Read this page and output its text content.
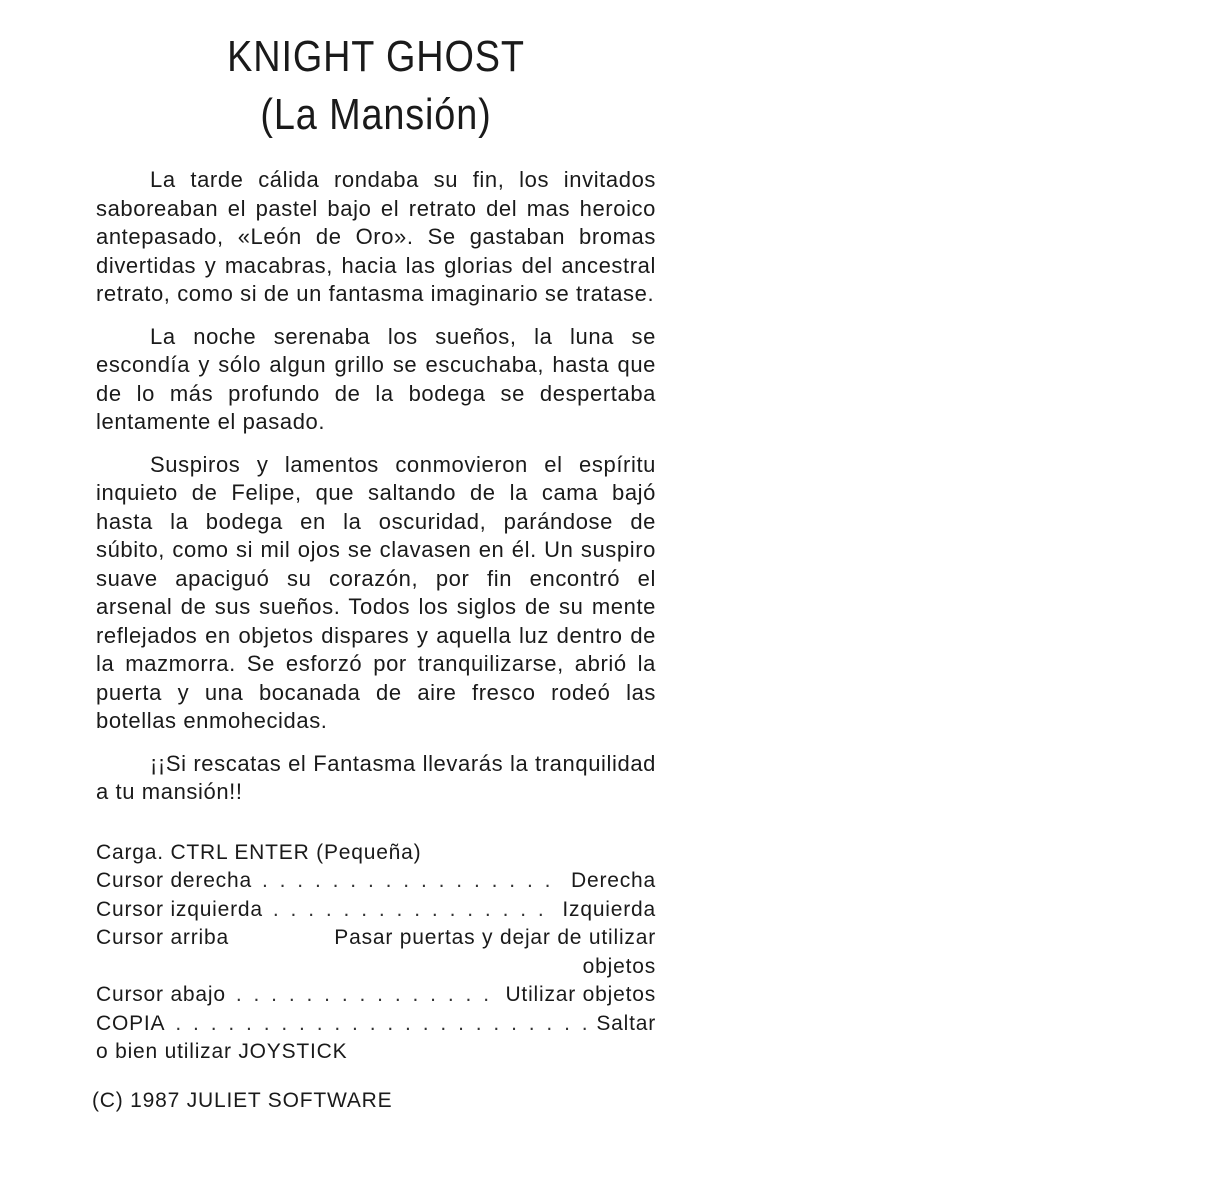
KNIGHT GHOST
(La Mansión)

La tarde cálida rondaba su fin, los invitados saboreaban el pastel bajo el retrato del mas heroico antepasado, «León de Oro». Se gastaban bromas divertidas y macabras, hacia las glorias del ancestral retrato, como si de un fantasma imaginario se tratase.

La noche serenaba los sueños, la luna se escondía y sólo algun grillo se escuchaba, hasta que de lo más profundo de la bodega se despertaba lentamente el pasado.

Suspiros y lamentos conmovieron el espíritu inquieto de Felipe, que saltando de la cama bajó hasta la bodega en la oscuridad, parándose de súbito, como si mil ojos se clavasen en él. Un suspiro suave apaciguó su corazón, por fin encontró el arsenal de sus sueños. Todos los siglos de su mente reflejados en objetos dispares y aquella luz dentro de la mazmorra. Se esforzó por tranquilizarse, abrió la puerta y una bocanada de aire fresco rodeó las botellas enmohecidas.

¡¡Si rescatas el Fantasma llevarás la tranquilidad a tu mansión!!

Carga. CTRL ENTER (Pequeña)
Cursor derecha . . .	Derecha
Cursor izquierda . . .	Izquierda
Cursor arriba	Pasar puertas y dejar de utilizar
objetos
Cursor abajo . . .	Utilizar objetos
COPIA . . .	Saltar
o bien utilizar JOYSTICK
(C) 1987 JULIET SOFTWARE
